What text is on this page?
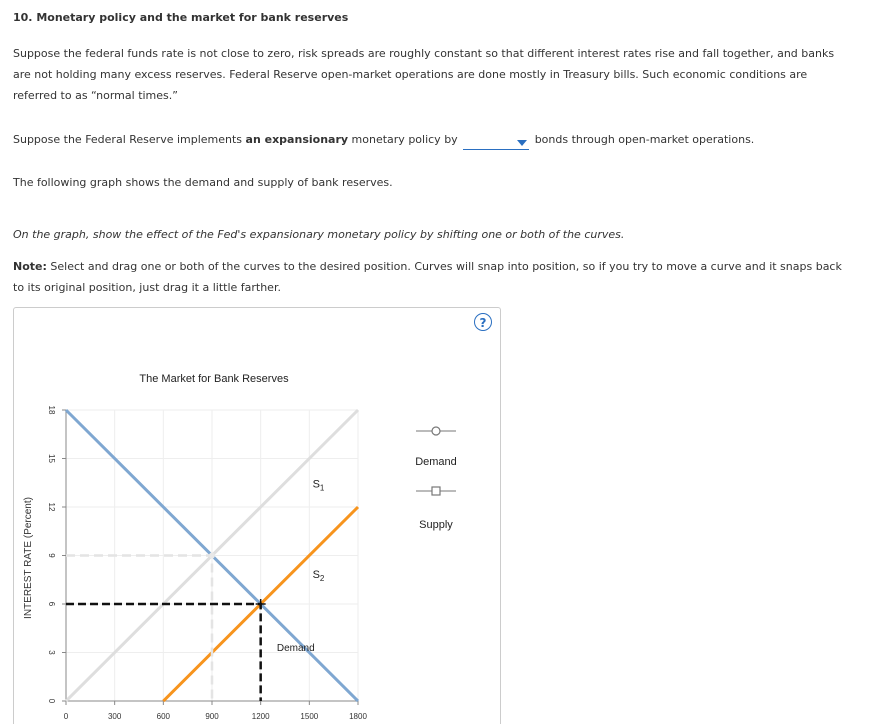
10. Monetary policy and the market for bank reserves
Suppose the federal funds rate is not close to zero, risk spreads are roughly constant so that different interest rates rise and fall together, and banks are not holding many excess reserves. Federal Reserve open-market operations are done mostly in Treasury bills. Such economic conditions are referred to as “normal times.”
Suppose the Federal Reserve implements an expansionary monetary policy by	bonds through open-market operations.
The following graph shows the demand and supply of bank reserves.
On the graph, show the effect of the Fed's expansionary monetary policy by shifting one or both of the curves.
Note: Select and drag one or both of the curves to the desired position. Curves will snap into position, so if you try to move a curve and it snaps back to its original position, just drag it a little farther.
?
The Market for Bank Reserves
INTEREST RATE (Percent)
0	300	600	900	1200	1500	1800
0
3
6
9
12
15
18
$S_1$
$S_2$
Demand
Demand
Supply
